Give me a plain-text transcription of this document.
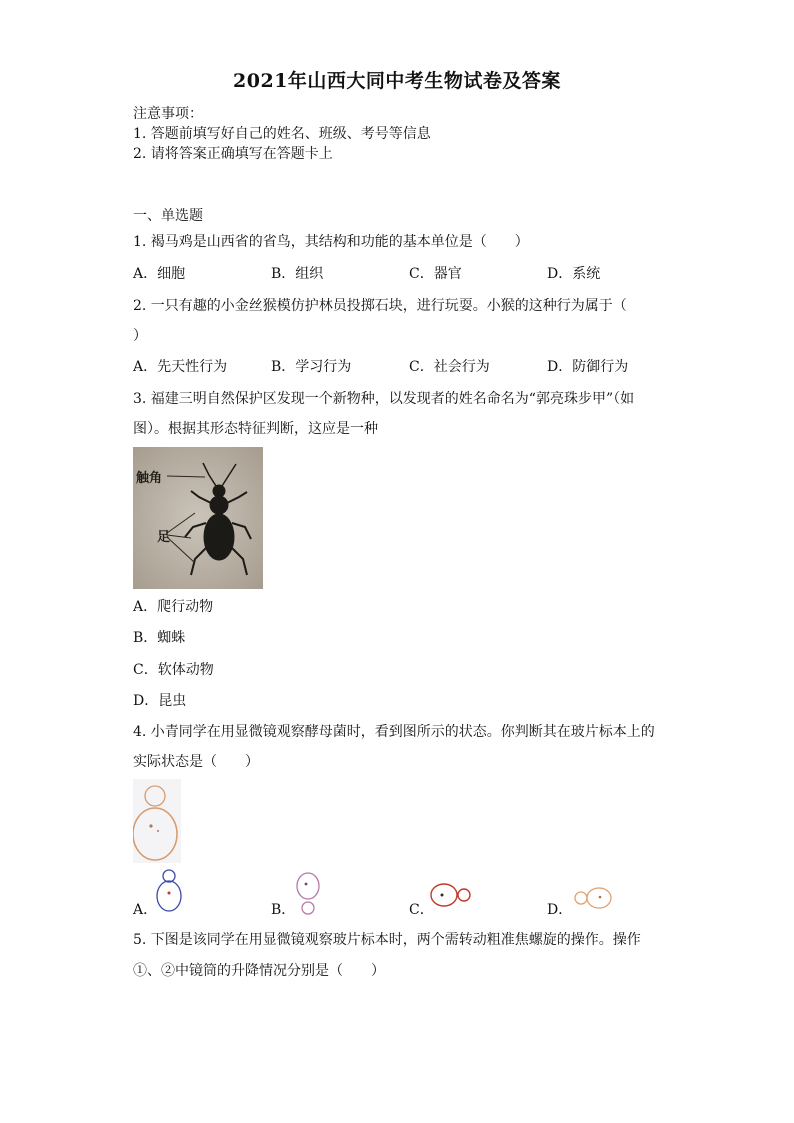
2021年山西大同中考生物试卷及答案
注意事项：
1. 答题前填写好自己的姓名、班级、考号等信息
2. 请将答案正确填写在答题卡上
一、单选题
1. 褐马鸡是山西省的省鸟，其结构和功能的基本单位是（　　）
A．细胞	B．组织	C．器官	D．系统
2. 一只有趣的小金丝猴模仿护林员投掷石块，进行玩耍。小猴的这种行为属于（
）
A．先天性行为	B．学习行为	C．社会行为	D．防御行为
3. 福建三明自然保护区发现一个新物种，以发现者的姓名命名为“郭亮珠步甲”（如
图）。根据其形态特征判断，这应是一种
触角
足
A．爬行动物
B．蜘蛛
C．软体动物
D．昆虫
4. 小青同学在用显微镜观察酵母菌时，看到图所示的状态。你判断其在玻片标本上的
实际状态是（　　）
A．	B．	C．	D．
5. 下图是该同学在用显微镜观察玻片标本时，两个需转动粗准焦螺旋的操作。操作
①、②中镜筒的升降情况分别是（　　）
